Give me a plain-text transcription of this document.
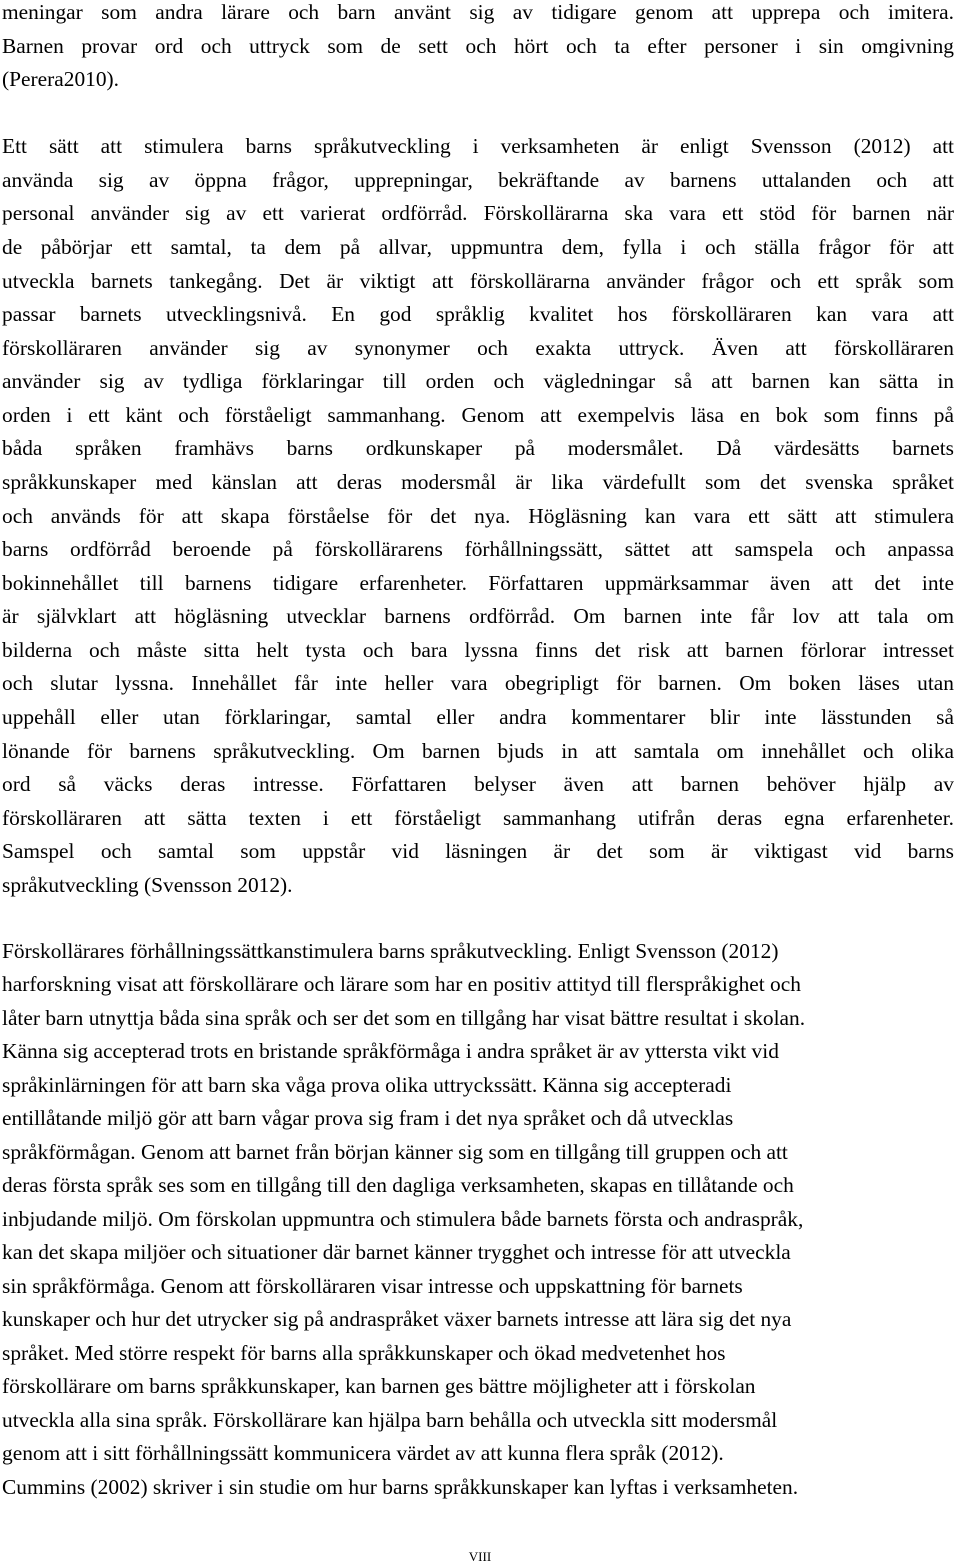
meningar som andra lärare och barn använt sig av tidigare genom att upprepa och imitera.
Barnen provar ord och uttryck som de sett och hört och ta efter personer i sin omgivning
(Perera2010).
Ett sätt att stimulera barns språkutveckling i verksamheten är enligt Svensson (2012) att
använda sig av öppna frågor, upprepningar, bekräftande av barnens uttalanden och att
personal använder sig av ett varierat ordförråd. Förskollärarna ska vara ett stöd för barnen när
de påbörjar ett samtal, ta dem på allvar, uppmuntra dem, fylla i och ställa frågor för att
utveckla barnets tankegång. Det är viktigt att förskollärarna använder frågor och ett språk som
passar barnets utvecklingsnivå. En god språklig kvalitet hos förskolläraren kan vara att
förskolläraren använder sig av synonymer och exakta uttryck. Även att förskolläraren
använder sig av tydliga förklaringar till orden och vägledningar så att barnen kan sätta in
orden i ett känt och förståeligt sammanhang. Genom att exempelvis läsa en bok som finns på
båda språken framhävs barns ordkunskaper på modersmålet. Då värdesätts barnets
språkkunskaper med känslan att deras modersmål är lika värdefullt som det svenska språket
och används för att skapa förståelse för det nya. Högläsning kan vara ett sätt att stimulera
barns ordförråd beroende på förskollärarens förhållningssätt, sättet att samspela och anpassa
bokinnehållet till barnens tidigare erfarenheter. Författaren uppmärksammar även att det inte
är självklart att högläsning utvecklar barnens ordförråd. Om barnen inte får lov att tala om
bilderna och måste sitta helt tysta och bara lyssna finns det risk att barnen förlorar intresset
och slutar lyssna. Innehållet får inte heller vara obegripligt för barnen. Om boken läses utan
uppehåll eller utan förklaringar, samtal eller andra kommentarer blir inte lässtunden så
lönande för barnens språkutveckling. Om barnen bjuds in att samtala om innehållet och olika
ord så väcks deras intresse. Författaren belyser även att barnen behöver hjälp av
förskolläraren att sätta texten i ett förståeligt sammanhang utifrån deras egna erfarenheter.
Samspel och samtal som uppstår vid läsningen är det som är viktigast vid barns
språkutveckling (Svensson 2012).
Förskollärares förhållningssättkanstimulera barns språkutveckling. Enligt Svensson (2012)
harforskning visat att förskollärare och lärare som har en positiv attityd till flerspråkighet och
låter barn utnyttja båda sina språk och ser det som en tillgång har visat bättre resultat i skolan.
Känna sig accepterad trots en bristande språkförmåga i andra språket är av yttersta vikt vid
språkinlärningen för att barn ska våga prova olika uttryckssätt. Känna sig accepteradi
entillåtande miljö gör att barn vågar prova sig fram i det nya språket och då utvecklas
språkförmågan. Genom att barnet från början känner sig som en tillgång till gruppen och att
deras första språk ses som en tillgång till den dagliga verksamheten, skapas en tillåtande och
inbjudande miljö. Om förskolan uppmuntra och stimulera både barnets första och andraspråk,
kan det skapa miljöer och situationer där barnet känner trygghet och intresse för att utveckla
sin språkförmåga. Genom att förskolläraren visar intresse och uppskattning för barnets
kunskaper och hur det utrycker sig på andraspråket växer barnets intresse att lära sig det nya
språket. Med större respekt för barns alla språkkunskaper och ökad medvetenhet hos
förskollärare om barns språkkunskaper, kan barnen ges bättre möjligheter att i förskolan
utveckla alla sina språk. Förskollärare kan hjälpa barn behålla och utveckla sitt modersmål
genom att i sitt förhållningssätt kommunicera värdet av att kunna flera språk (2012).
Cummins (2002) skriver i sin studie om hur barns språkkunskaper kan lyftas i verksamheten.
VIII
